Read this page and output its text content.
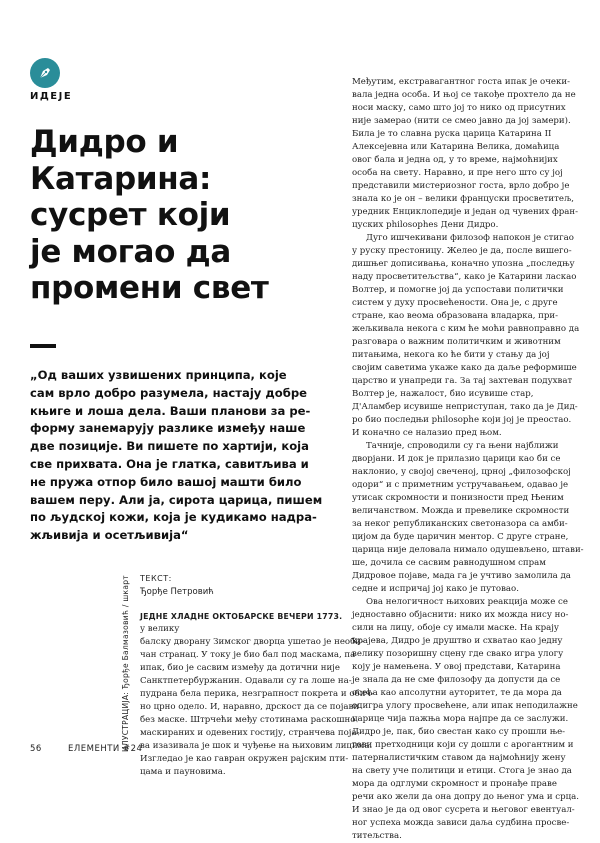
ИДЕЈЕ
Дидро и
Катарина:
сусрет који
је могао да
промени свет
„Од ваших узвишених принципа, које
сам врло добро разумела, настају добре
књиге и лоша дела. Ваши планови за ре-
форму занемарују разлике између наше
две позиције. Ви пишете по хартији, која
све прихвата. Она је глатка, савитљива и
не пружа отпор било вашој машти било
вашем перу. Али ја, сирота царица, пишем
по људској кожи, која је кудикамо надра-
жљивија и осетљивија“
ТЕКСТ:
Ђорђе Петровић
ИЛУСТРАЦИЈА: Ђорђе Балмазовић / шкарт ЈЕДНЕ ХЛАДНЕ ОКТОБАРСКЕ ВЕЧЕРИ 1773.
у велику
балску дворану Зимског дворца ушетао је необи-
чан странац. У току је био бал под маскама, па
ипак, био је сасвим између да дотични није
Санктпетербуржанин. Одавали су га лоше на-
пудрана бела перика, незграпност покрета и обич-
но црно одело. И, наравно, дрскост да се појави
без маске. Штрчећи међу стотинама раскошно
маскираних и одевених гостију, странчева поја-
ва изазивала је шок и чуђење на њиховим лицима.
Изгледао је као гавран окружен рајским пти-
цама и пауновима.

Међутим, екстравагантног госта ипак је очеки-
вала једна особа. И њој се такође прохтело да не
носи маску, само што јој то нико од присутних
није замерао (нити се смео јавно да јој замери).
Била је то славна руска царица Катарина II
Алексејевна или Катарина Велика, домаћица
овог бала и једна од, у то време, најмоћнијих
особа на свету. Наравно, и пре него што су јој
представили мистериозног госта, врло добро је
знала ко је он – велики француски просветитељ,
уредник Енциклопедије и један од чувених фран-
цуских philosophes Дени Дидро.

Дуго ишчекивани филозоф напокон је стигао
у руску престоницу. Желео је да, после вишего-
дишњег дописивања, коначно упозна „последњу
наду просветитељства“, како је Катарини ласкао
Волтер, и помогне јој да успостави политички
систем у духу просвећености. Она је, с друге
стране, као веома образована владарка, при-
жељкивала некога с ким ће моћи равноправно да
разговара о важним политичким и животним
питањима, некога ко ће бити у стању да јој
својим саветима укаже како да даље реформише
царство и унапреди га. За тај захтеван подухват
Волтер је, нажалост, био исувише стар,
Д'Аламбер исувише неприступан, тако да је Дид-
ро био последњи philosophe који јој је преостао.
И коначно се налазио пред њом.

Тачније, спроводили су га њени најближи
дворјани. И док је прилазио царици као би се
наклонио, у својој свеченој, црној „филозофској
одори“ и с приметним устручавањем, одавао је
утисак скромности и понизности пред Њеним
величанством. Можда и превелике скромности
за неког републиканских светоназора са амби-
цијом да буде царичин ментор. С друге стране,
царица није деловала нимало одушевљено, штави-
ше, дочила се сасвим равнодушном спрам
Дидровое појаве, мада га је учтиво замолила да
седне и испричај јој како је путовао.

Ова нелогичност њихових реакција може се
једноставно објаснити: нико их можда нису но-
сили на лицу, обоје су имали маске. На крају
крајева, Дидро је друштво и схватао као једну
велику позоришну сцену где свако игра улогу
коју је намењена. У овој представи, Катарина
је знала да не сме филозофу да допусти да се
осећа као апсолутни ауторитет, те да мора да
одигра улогу просвећене, али ипак неподилажне
царице чија пажња мора најпре да се заслужи.
Дидро је, пак, био свестан како су прошли ње-
гови претходници који су дошли с арогантним и
патерналистичким ставом да најмоћнију жену
на свету уче политици и етици. Стога је знао да
мора да одглуми скромност и пронађе праве
речи ако жели да она допру до њеног ума и срца.
И знао је да од овог сусрета и његовог евентуал-
ног успеха можда зависи даља судбина просве-
титељства.

56	ЕЛЕМЕНТИ #24
